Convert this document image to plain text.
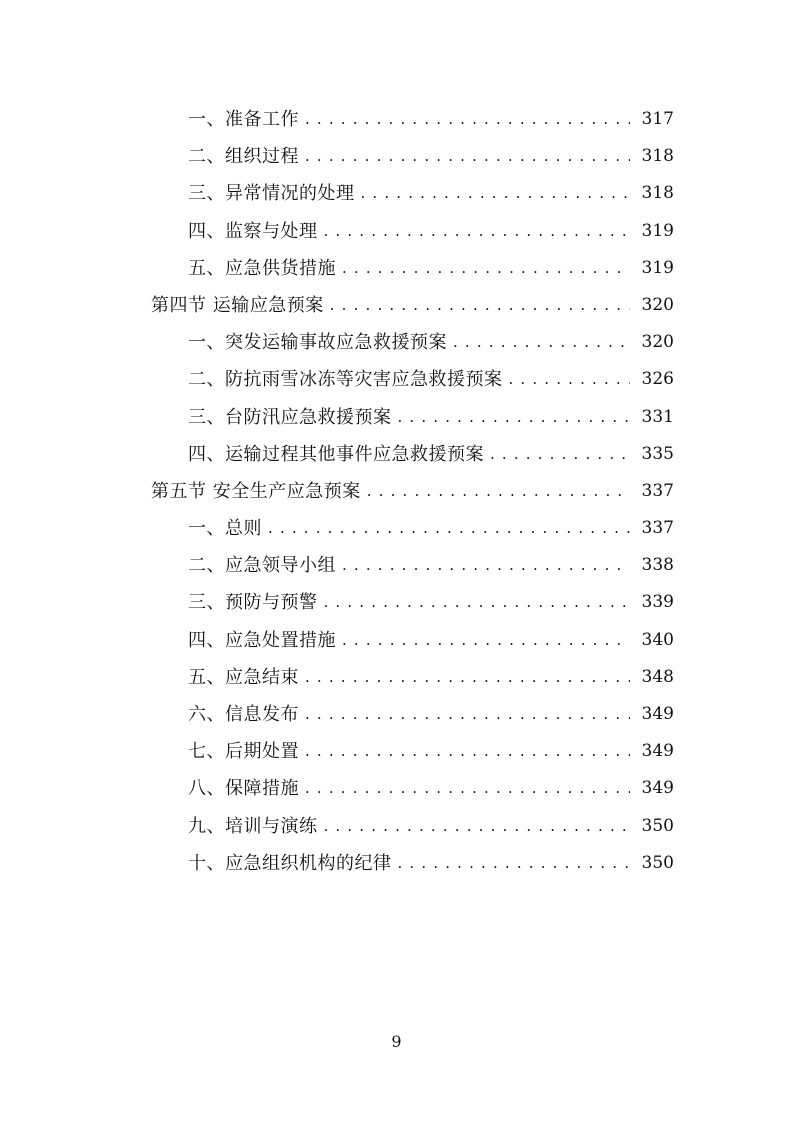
一、准备工作 . . .	317
二、组织过程 . . .	318
三、异常情况的处理 . . .	318
四、监察与处理 . . .	319
五、应急供货措施 . . .	319
第四节 运输应急预案 . . .	320
一、突发运输事故应急救援预案 . . .	320
二、防抗雨雪冰冻等灾害应急救援预案 . . .	326
三、台防汛应急救援预案 . . .	331
四、运输过程其他事件应急救援预案 . . .	335
第五节 安全生产应急预案 . . .	337
一、总则 . . .	337
二、应急领导小组 . . .	338
三、预防与预警 . . .	339
四、应急处置措施 . . .	340
五、应急结束 . . .	348
六、信息发布 . . .	349
七、后期处置 . . .	349
八、保障措施 . . .	349
九、培训与演练 . . .	350
十、应急组织机构的纪律 . . .	350
9
